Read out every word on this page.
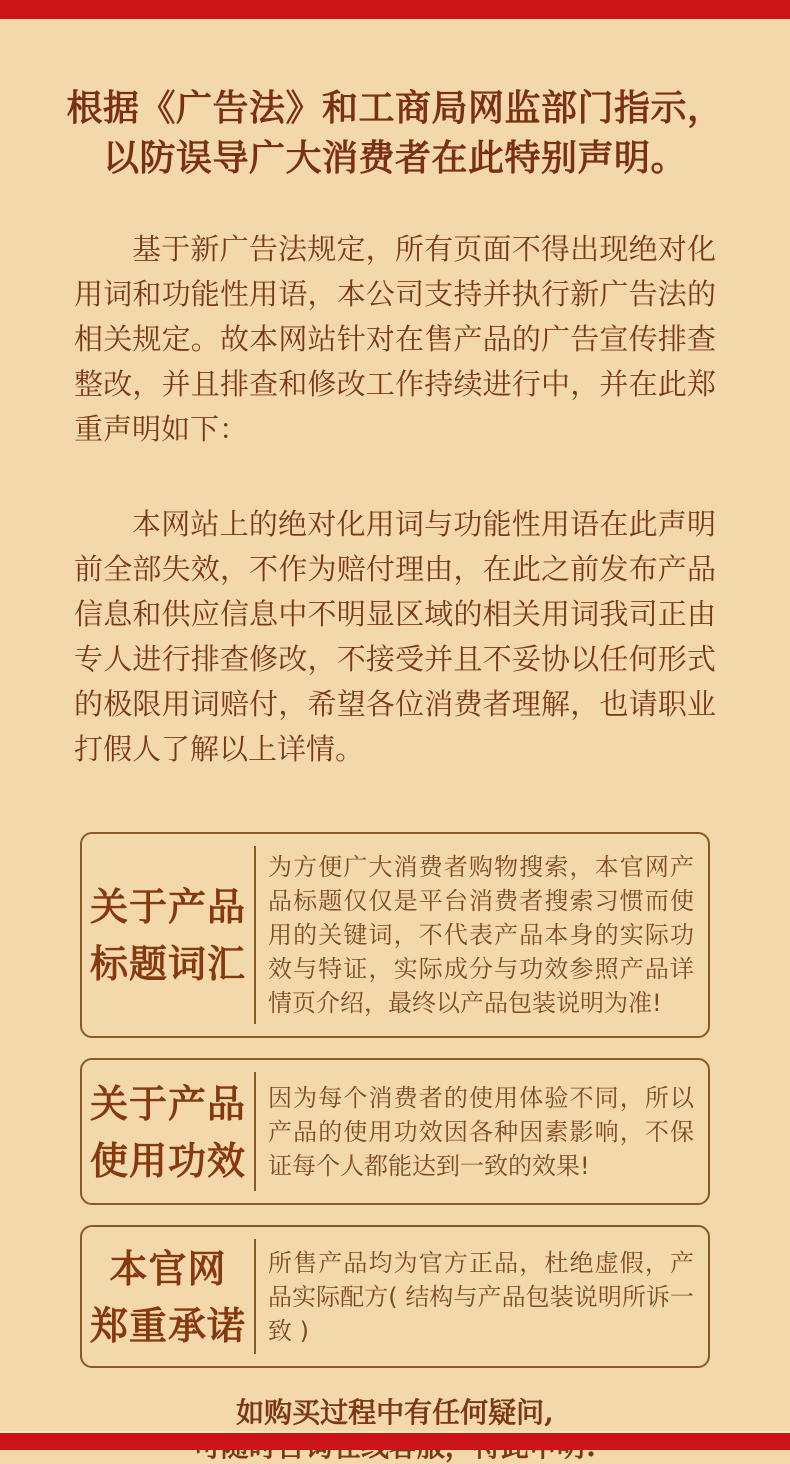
根据《广告法》和工商局网监部门指示，
以防误导广大消费者在此特别声明。

基于新广告法规定，所有页面不得出现绝对化用词和功能性用语，本公司支持并执行新广告法的相关规定。故本网站针对在售产品的广告宣传排查整改，并且排查和修改工作持续进行中，并在此郑重声明如下：

本网站上的绝对化用词与功能性用语在此声明前全部失效，不作为赔付理由，在此之前发布产品信息和供应信息中不明显区域的相关用词我司正由专人进行排查修改，不接受并且不妥协以任何形式的极限用词赔付，希望各位消费者理解，也请职业打假人了解以上详情。

关于产品
标题词汇
为方便广大消费者购物搜索，本官网产品标题仅仅是平台消费者搜索习惯而使用的关键词，不代表产品本身的实际功效与特证，实际成分与功效参照产品详情页介绍，最终以产品包装说明为准!
关于产品
使用功效
因为每个消费者的使用体验不同，所以产品的使用功效因各种因素影响，不保证每个人都能达到一致的效果!
本官网
郑重承诺
所售产品均为官方正品，杜绝虚假，产品实际配方( 结构与产品包装说明所诉一致 )
如购买过程中有任何疑问,
